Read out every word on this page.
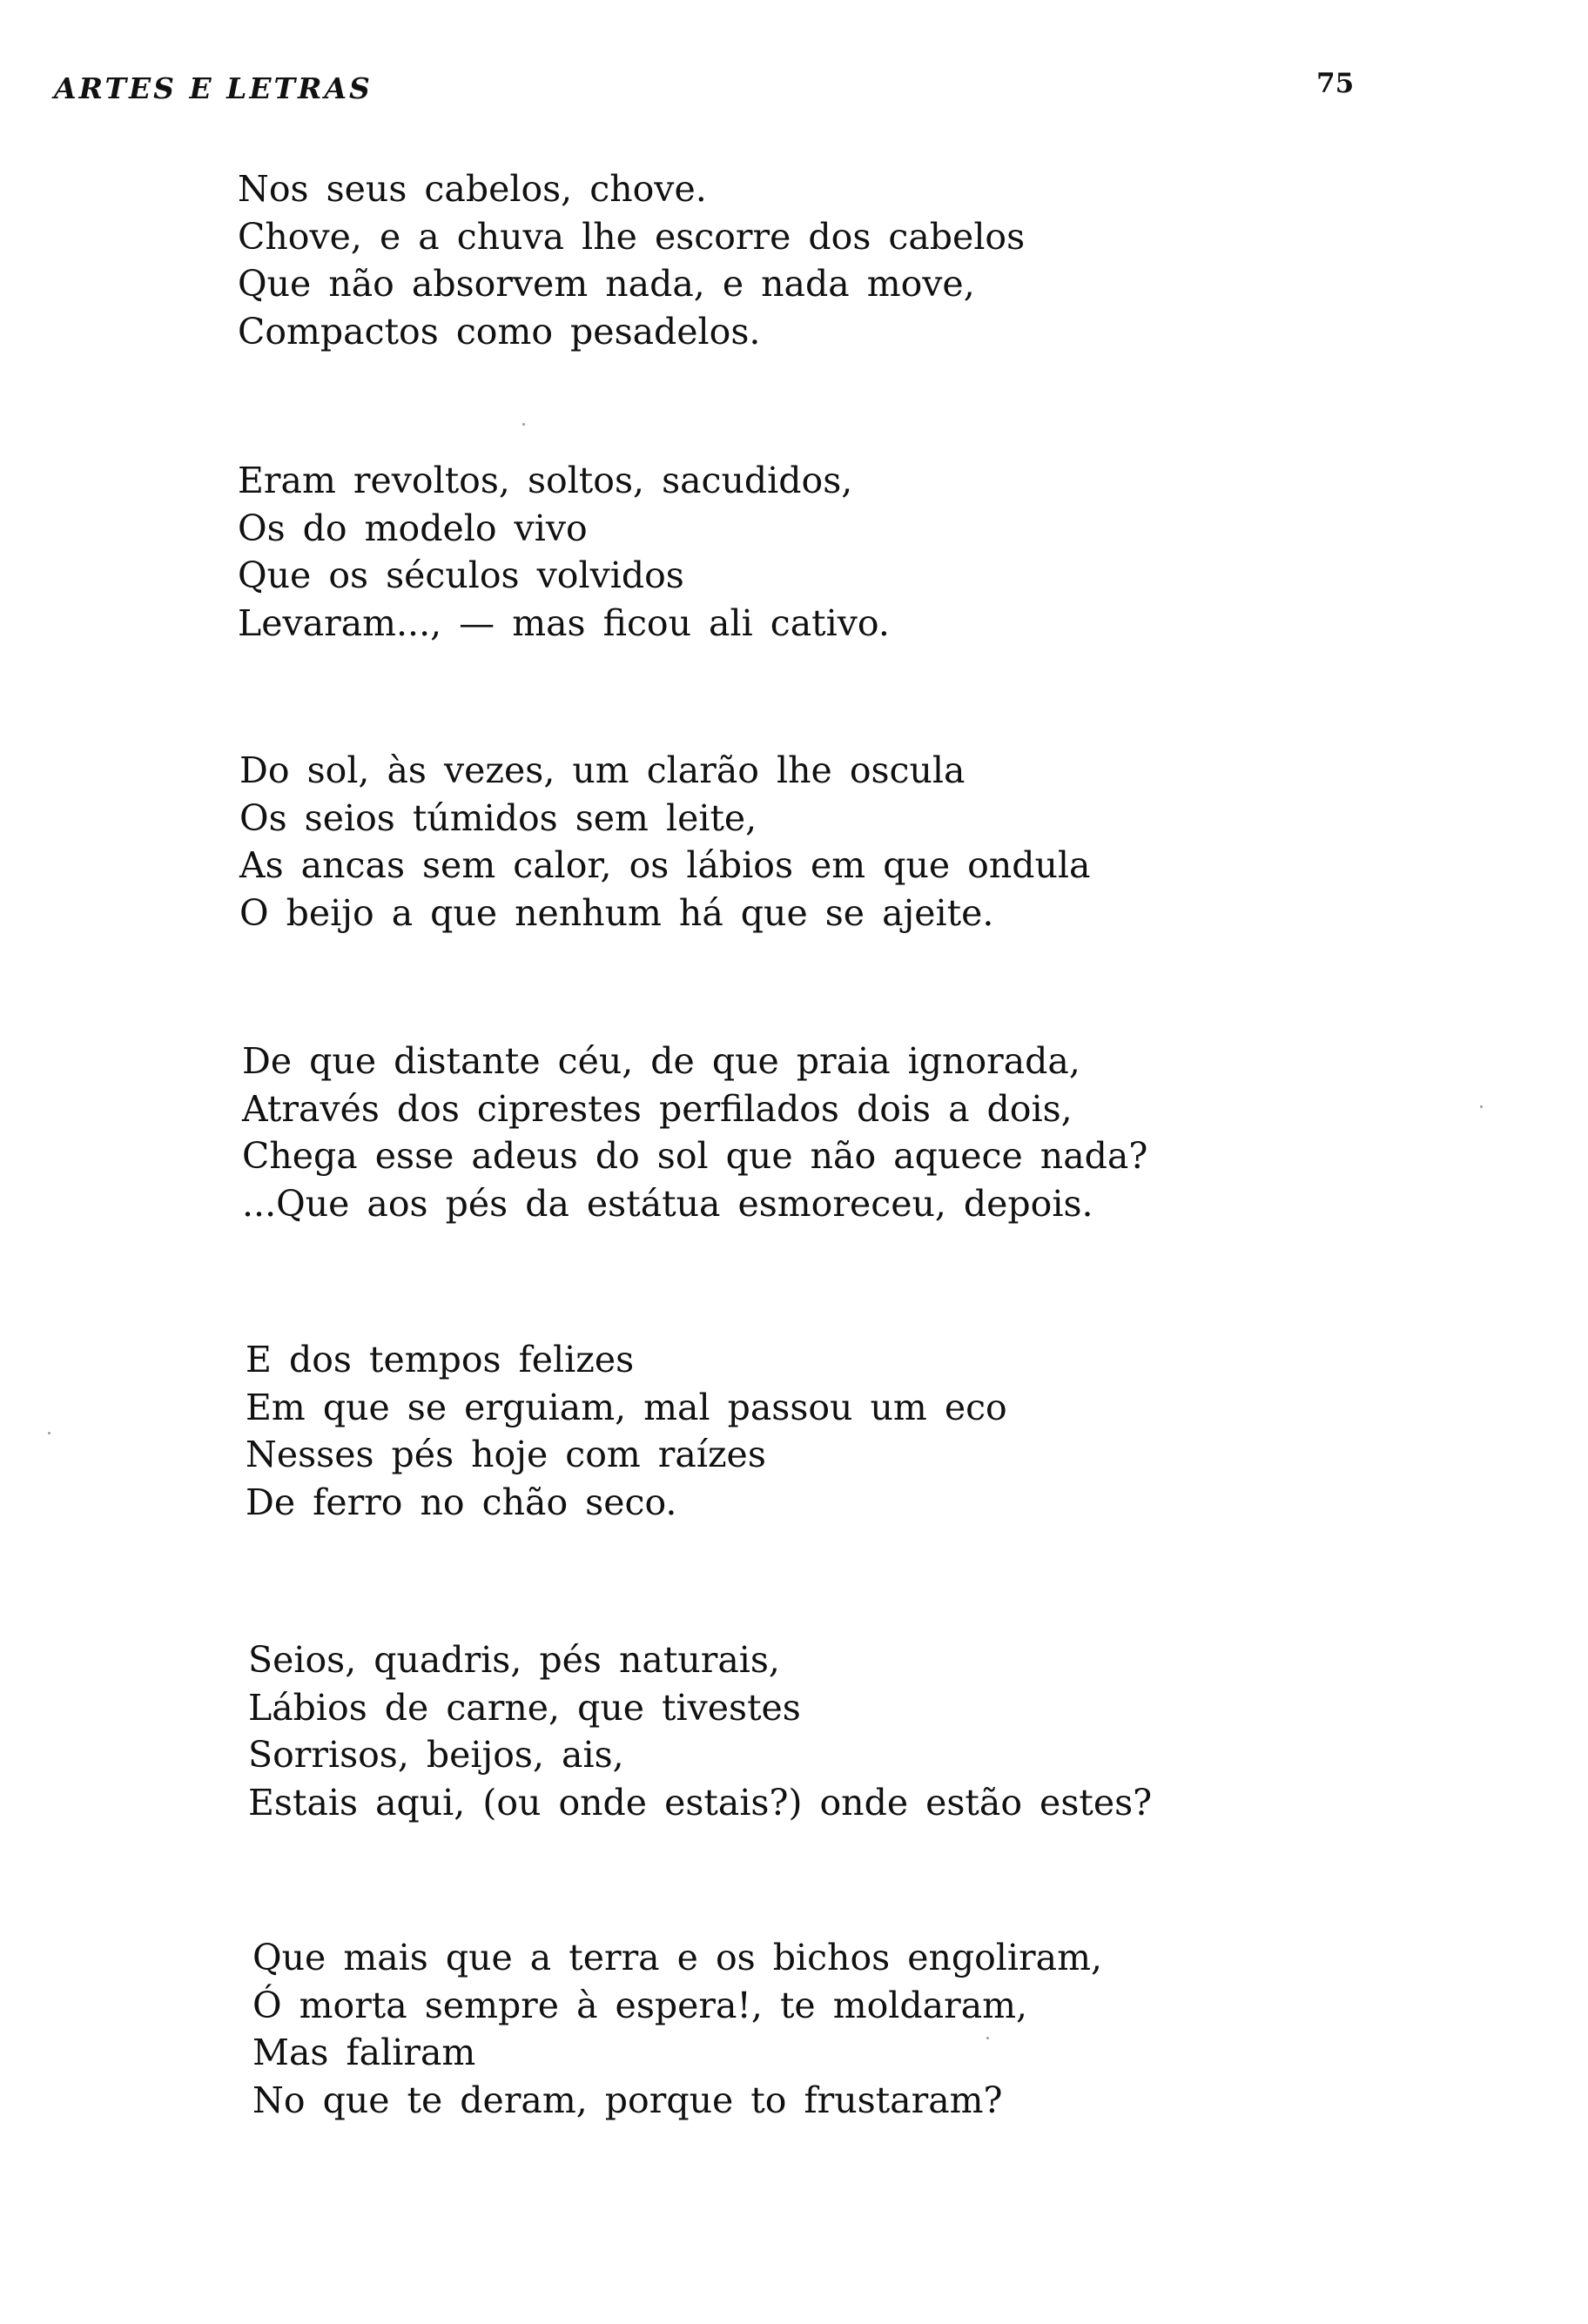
ARTES E LETRAS	75
Nos seus cabelos, chove.
Chove, e a chuva lhe escorre dos cabelos
Que não absorvem nada, e nada move,
Compactos como pesadelos.
Eram revoltos, soltos, sacudidos,
Os do modelo vivo
Que os séculos volvidos
Levaram..., — mas ficou ali cativo.
Do sol, às vezes, um clarão lhe oscula
Os seios túmidos sem leite,
As ancas sem calor, os lábios em que ondula
O beijo a que nenhum há que se ajeite.
De que distante céu, de que praia ignorada,
Através dos ciprestes perfilados dois a dois,
Chega esse adeus do sol que não aquece nada?
...Que aos pés da estátua esmoreceu, depois.
E dos tempos felizes
Em que se erguiam, mal passou um eco
Nesses pés hoje com raízes
De ferro no chão seco.
Seios, quadris, pés naturais,
Lábios de carne, que tivestes
Sorrisos, beijos, ais,
Estais aqui, (ou onde estais?) onde estão estes?
Que mais que a terra e os bichos engoliram,
Ó morta sempre à espera!, te moldaram,
Mas faliram
No que te deram, porque to frustaram?
